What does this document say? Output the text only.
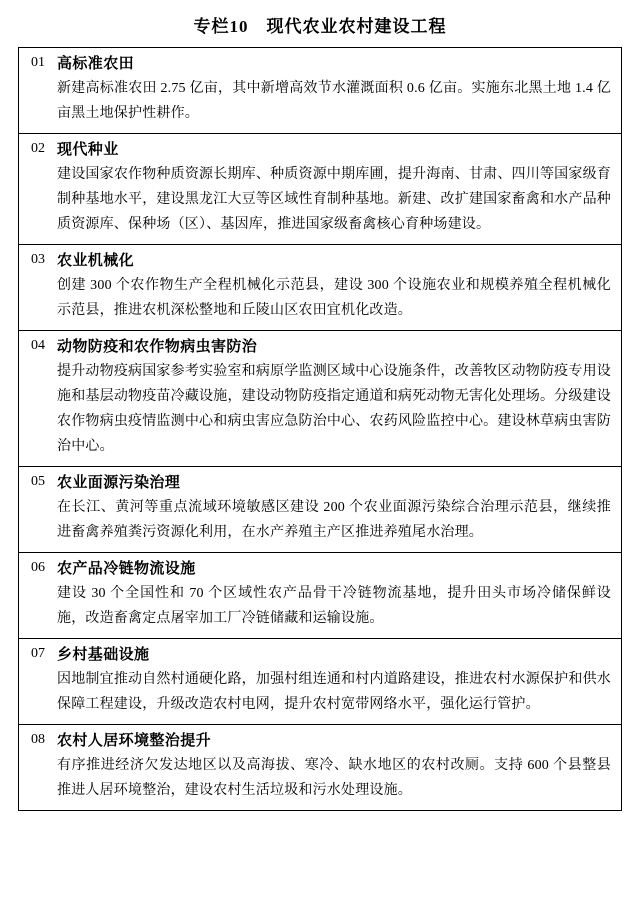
专栏10　现代农业农村建设工程
01 高标准农田
新建高标准农田 2.75 亿亩，其中新增高效节水灌溉面积 0.6 亿亩。实施东北黑土地 1.4 亿亩黑土地保护性耕作。
02 现代种业
建设国家农作物种质资源长期库、种质资源中期库圃，提升海南、甘肃、四川等国家级育制种基地水平，建设黑龙江大豆等区域性育制种基地。新建、改扩建国家畜禽和水产品种质资源库、保种场（区）、基因库，推进国家级畜禽核心育种场建设。
03 农业机械化
创建 300 个农作物生产全程机械化示范县，建设 300 个设施农业和规模养殖全程机械化示范县，推进农机深松整地和丘陵山区农田宜机化改造。
04 动物防疫和农作物病虫害防治
提升动物疫病国家参考实验室和病原学监测区域中心设施条件，改善牧区动物防疫专用设施和基层动物疫苗冷藏设施，建设动物防疫指定通道和病死动物无害化处理场。分级建设农作物病虫疫情监测中心和病虫害应急防治中心、农药风险监控中心。建设林草病虫害防治中心。
05 农业面源污染治理
在长江、黄河等重点流域环境敏感区建设 200 个农业面源污染综合治理示范县，继续推进畜禽养殖粪污资源化利用，在水产养殖主产区推进养殖尾水治理。
06 农产品冷链物流设施
建设 30 个全国性和 70 个区域性农产品骨干冷链物流基地，提升田头市场冷储保鲜设施，改造畜禽定点屠宰加工厂冷链储藏和运输设施。
07 乡村基础设施
因地制宜推动自然村通硬化路，加强村组连通和村内道路建设，推进农村水源保护和供水保障工程建设，升级改造农村电网，提升农村宽带网络水平，强化运行管护。
08 农村人居环境整治提升
有序推进经济欠发达地区以及高海拔、寒冷、缺水地区的农村改厕。支持 600 个县整县推进人居环境整治，建设农村生活垃圾和污水处理设施。
